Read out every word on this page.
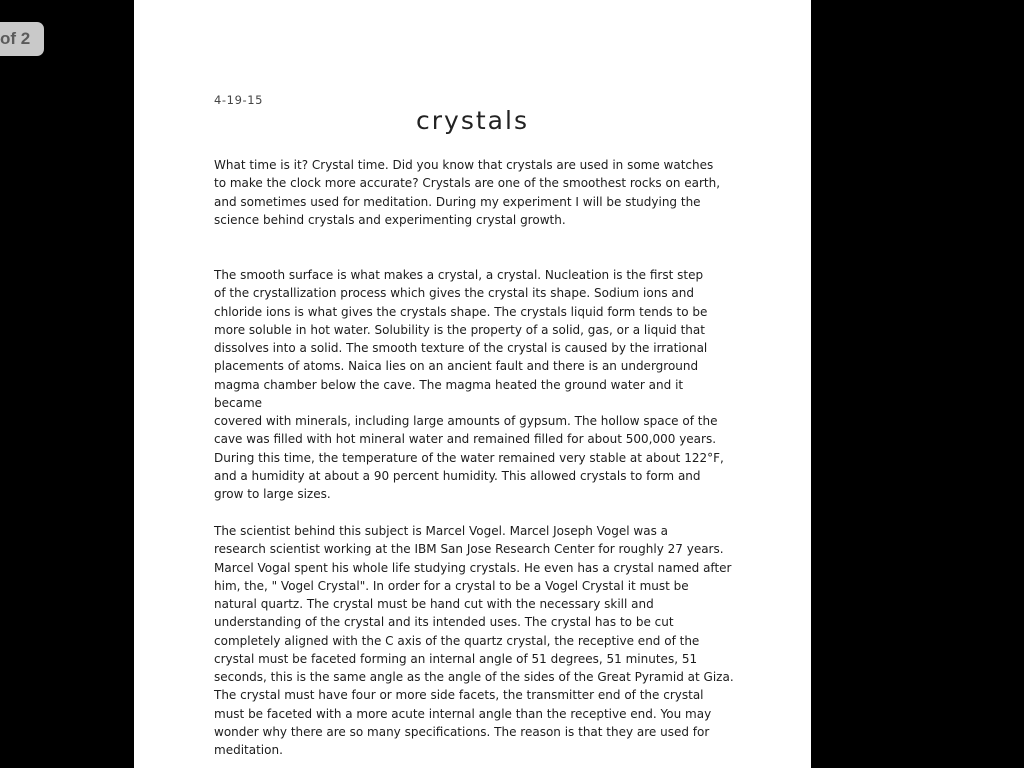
of 2
4-19-15
crystals

What time is it? Crystal time. Did you know that crystals are used in some watches
to make the clock more accurate? Crystals are one of the smoothest rocks on earth,
and sometimes used for meditation. During my experiment I will be studying the
science behind crystals and experimenting crystal growth.

The smooth surface is what makes a crystal, a crystal. Nucleation is the first step
of the crystallization process which gives the crystal its shape. Sodium ions and
chloride ions is what gives the crystals shape. The crystals liquid form tends to be
more soluble in hot water. Solubility is the property of a solid, gas, or a liquid that
dissolves into a solid. The smooth texture of the crystal is caused by the irrational
placements of atoms. Naica lies on an ancient fault and there is an underground
magma chamber below the cave. The magma heated the ground water and it became
covered with minerals, including large amounts of gypsum. The hollow space of the
cave was filled with hot mineral water and remained filled for about 500,000 years.
During this time, the temperature of the water remained very stable at about 122°F,
and a humidity at about a 90 percent humidity. This allowed crystals to form and
grow to large sizes.

The scientist behind this subject is Marcel Vogel. Marcel Joseph Vogel was a
research scientist working at the IBM San Jose Research Center for roughly 27 years.
Marcel Vogal spent his whole life studying crystals. He even has a crystal named after
him, the, " Vogel Crystal". In order for a crystal to be a Vogel Crystal it must be
natural quartz. The crystal must be hand cut with the necessary skill and
understanding of the crystal and its intended uses. The crystal has to be cut
completely aligned with the C axis of the quartz crystal, the receptive end of the
crystal must be faceted forming an internal angle of 51 degrees, 51 minutes, 51
seconds, this is the same angle as the angle of the sides of the Great Pyramid at Giza.
The crystal must have four or more side facets, the transmitter end of the crystal
must be faceted with a more acute internal angle than the receptive end. You may
wonder why there are so many specifications. The reason is that they are used for
meditation.
